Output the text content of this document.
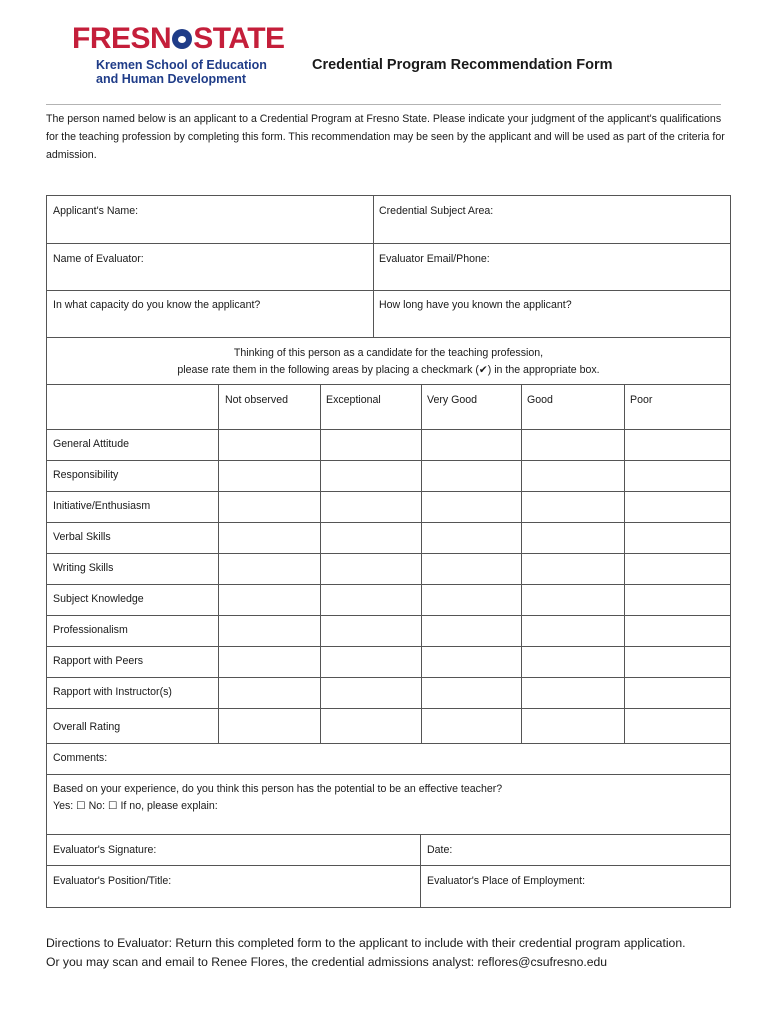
FRESN STATE
Kremen School of Education
and Human Development
Credential Program Recommendation Form
The person named below is an applicant to a Credential Program at Fresno State. Please indicate your judgment of the applicant's qualifications for the teaching profession by completing this form. This recommendation may be seen by the applicant and will be used as part of the criteria for admission.
Applicant's Name:	Credential Subject Area:
Name of Evaluator:	Evaluator Email/Phone:
In what capacity do you know the applicant?	How long have you known the applicant?
Thinking of this person as a candidate for the teaching profession,
please rate them in the following areas by placing a checkmark (✔) in the appropriate box.
Not observed	Exceptional	Very Good	Good	Poor
General Attitude
Responsibility
Initiative/Enthusiasm
Verbal Skills
Writing Skills
Subject Knowledge
Professionalism
Rapport with Peers
Rapport with Instructor(s)
Overall Rating
Comments:
Based on your experience, do you think this person has the potential to be an effective teacher?
Yes: ☐ No: ☐ If no, please explain:
Evaluator's Signature:	Date:
Evaluator's Position/Title:	Evaluator's Place of Employment:
Directions to Evaluator: Return this completed form to the applicant to include with their credential program application.
Or you may scan and email to Renee Flores, the credential admissions analyst: reflores@csufresno.edu
